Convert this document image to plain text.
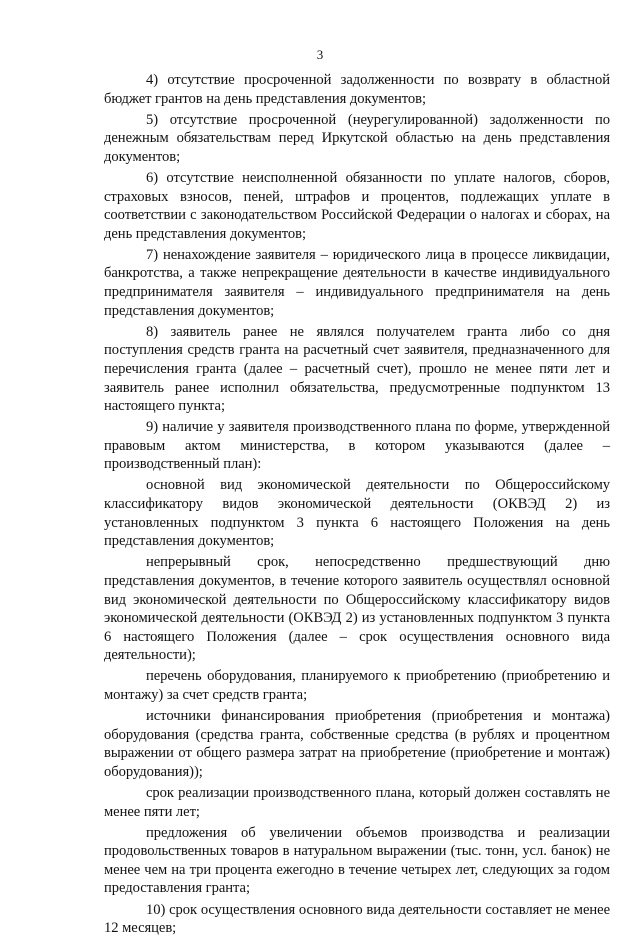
3

4) отсутствие просроченной задолженности по возврату в областной бюджет грантов на день представления документов;

5) отсутствие просроченной (неурегулированной) задолженности по денежным обязательствам перед Иркутской областью на день представления документов;

6) отсутствие неисполненной обязанности по уплате налогов, сборов, страховых взносов, пеней, штрафов и процентов, подлежащих уплате в соответствии с законодательством Российской Федерации о налогах и сборах, на день представления документов;

7) ненахождение заявителя – юридического лица в процессе ликвидации, банкротства, а также непрекращение деятельности в качестве индивидуального предпринимателя заявителя – индивидуального предпринимателя на день представления документов;

8) заявитель ранее не являлся получателем гранта либо со дня поступления средств гранта на расчетный счет заявителя, предназначенного для перечисления гранта (далее – расчетный счет), прошло не менее пяти лет и заявитель ранее исполнил обязательства, предусмотренные подпунктом 13 настоящего пункта;

9) наличие у заявителя производственного плана по форме, утвержденной правовым актом министерства, в котором указываются (далее – производственный план):

основной вид экономической деятельности по Общероссийскому классификатору видов экономической деятельности (ОКВЭД 2) из установленных подпунктом 3 пункта 6 настоящего Положения на день представления документов;

непрерывный срок, непосредственно предшествующий дню представления документов, в течение которого заявитель осуществлял основной вид экономической деятельности по Общероссийскому классификатору видов экономической деятельности (ОКВЭД 2) из установленных подпунктом 3 пункта 6 настоящего Положения (далее – срок осуществления основного вида деятельности);

перечень оборудования, планируемого к приобретению (приобретению и монтажу) за счет средств гранта;

источники финансирования приобретения (приобретения и монтажа) оборудования (средства гранта, собственные средства (в рублях и процентном выражении от общего размера затрат на приобретение (приобретение и монтаж) оборудования));

срок реализации производственного плана, который должен составлять не менее пяти лет;

предложения об увеличении объемов производства и реализации продовольственных товаров в натуральном выражении (тыс. тонн, усл. банок) не менее чем на три процента ежегодно в течение четырех лет, следующих за годом предоставления гранта;

10) срок осуществления основного вида деятельности составляет не менее 12 месяцев;
